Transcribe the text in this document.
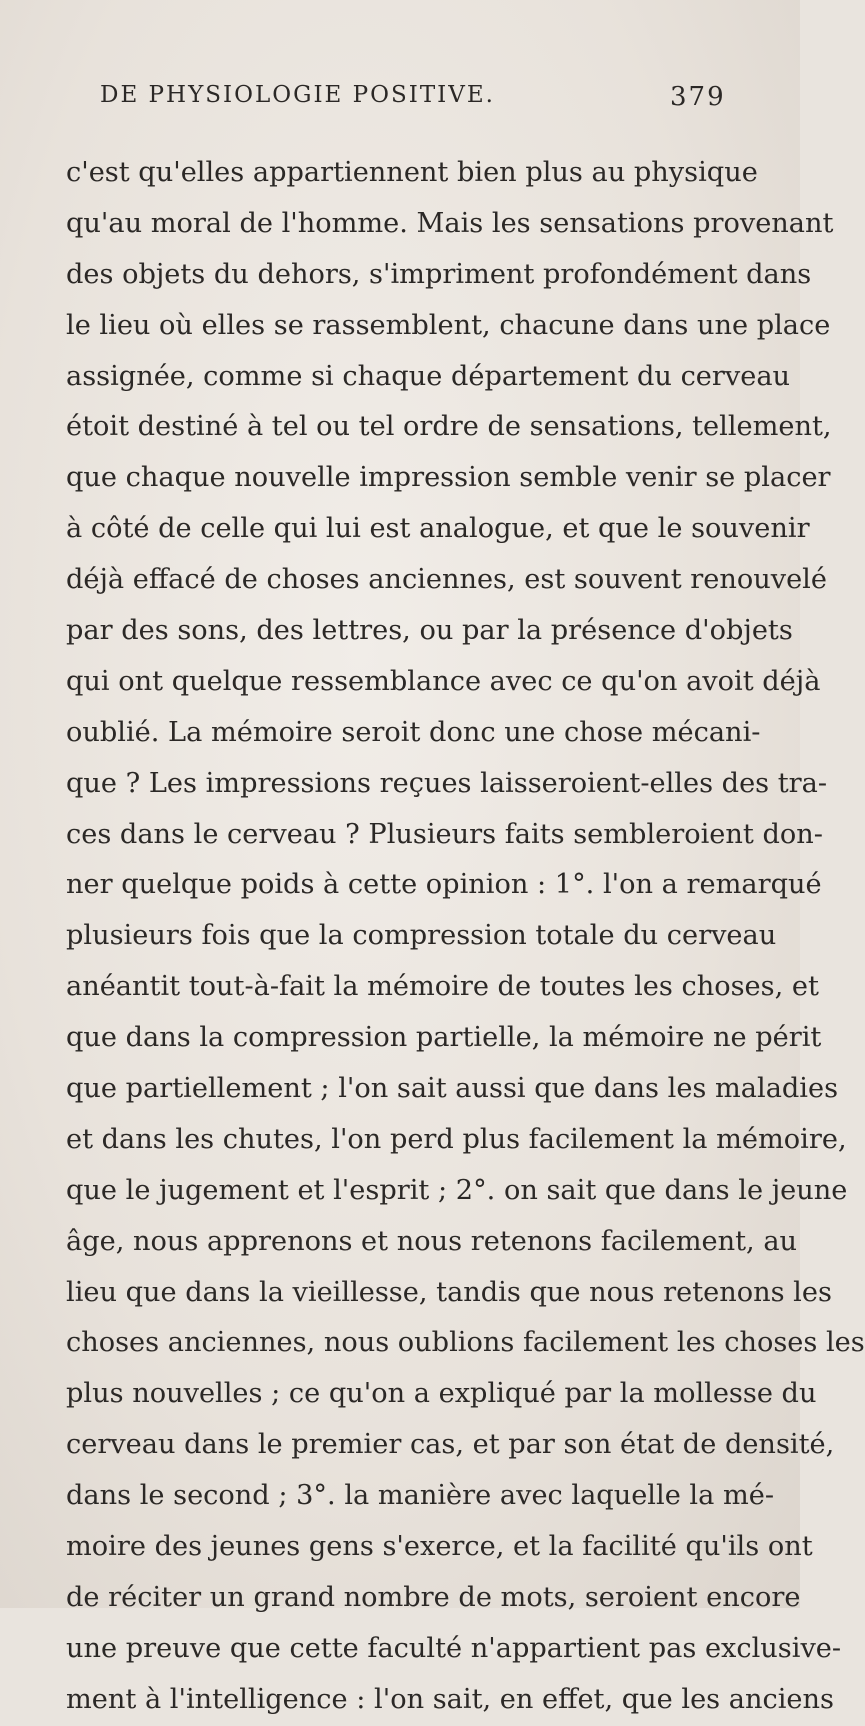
DE PHYSIOLOGIE POSITIVE.	379
c'est qu'elles appartiennent bien plus au physique
qu'au moral de l'homme. Mais les sensations provenant
des objets du dehors, s'impriment profondément dans
le lieu où elles se rassemblent, chacune dans une place
assignée, comme si chaque département du cerveau
étoit destiné à tel ou tel ordre de sensations, tellement,
que chaque nouvelle impression semble venir se placer
à côté de celle qui lui est analogue, et que le souvenir
déjà effacé de choses anciennes, est souvent renouvelé
par des sons, des lettres, ou par la présence d'objets
qui ont quelque ressemblance avec ce qu'on avoit déjà
oublié. La mémoire seroit donc une chose mécani-
que ? Les impressions reçues laisseroient-elles des tra-
ces dans le cerveau ? Plusieurs faits sembleroient don-
ner quelque poids à cette opinion : 1°. l'on a remarqué
plusieurs fois que la compression totale du cerveau
anéantit tout-à-fait la mémoire de toutes les choses, et
que dans la compression partielle, la mémoire ne périt
que partiellement ; l'on sait aussi que dans les maladies
et dans les chutes, l'on perd plus facilement la mémoire,
que le jugement et l'esprit ; 2°. on sait que dans le jeune
âge, nous apprenons et nous retenons facilement, au
lieu que dans la vieillesse, tandis que nous retenons les
choses anciennes, nous oublions facilement les choses les
plus nouvelles ; ce qu'on a expliqué par la mollesse du
cerveau dans le premier cas, et par son état de densité,
dans le second ; 3°. la manière avec laquelle la mé-
moire des jeunes gens s'exerce, et la facilité qu'ils ont
de réciter un grand nombre de mots, seroient encore
une preuve que cette faculté n'appartient pas exclusive-
ment à l'intelligence : l'on sait, en effet, que les anciens
